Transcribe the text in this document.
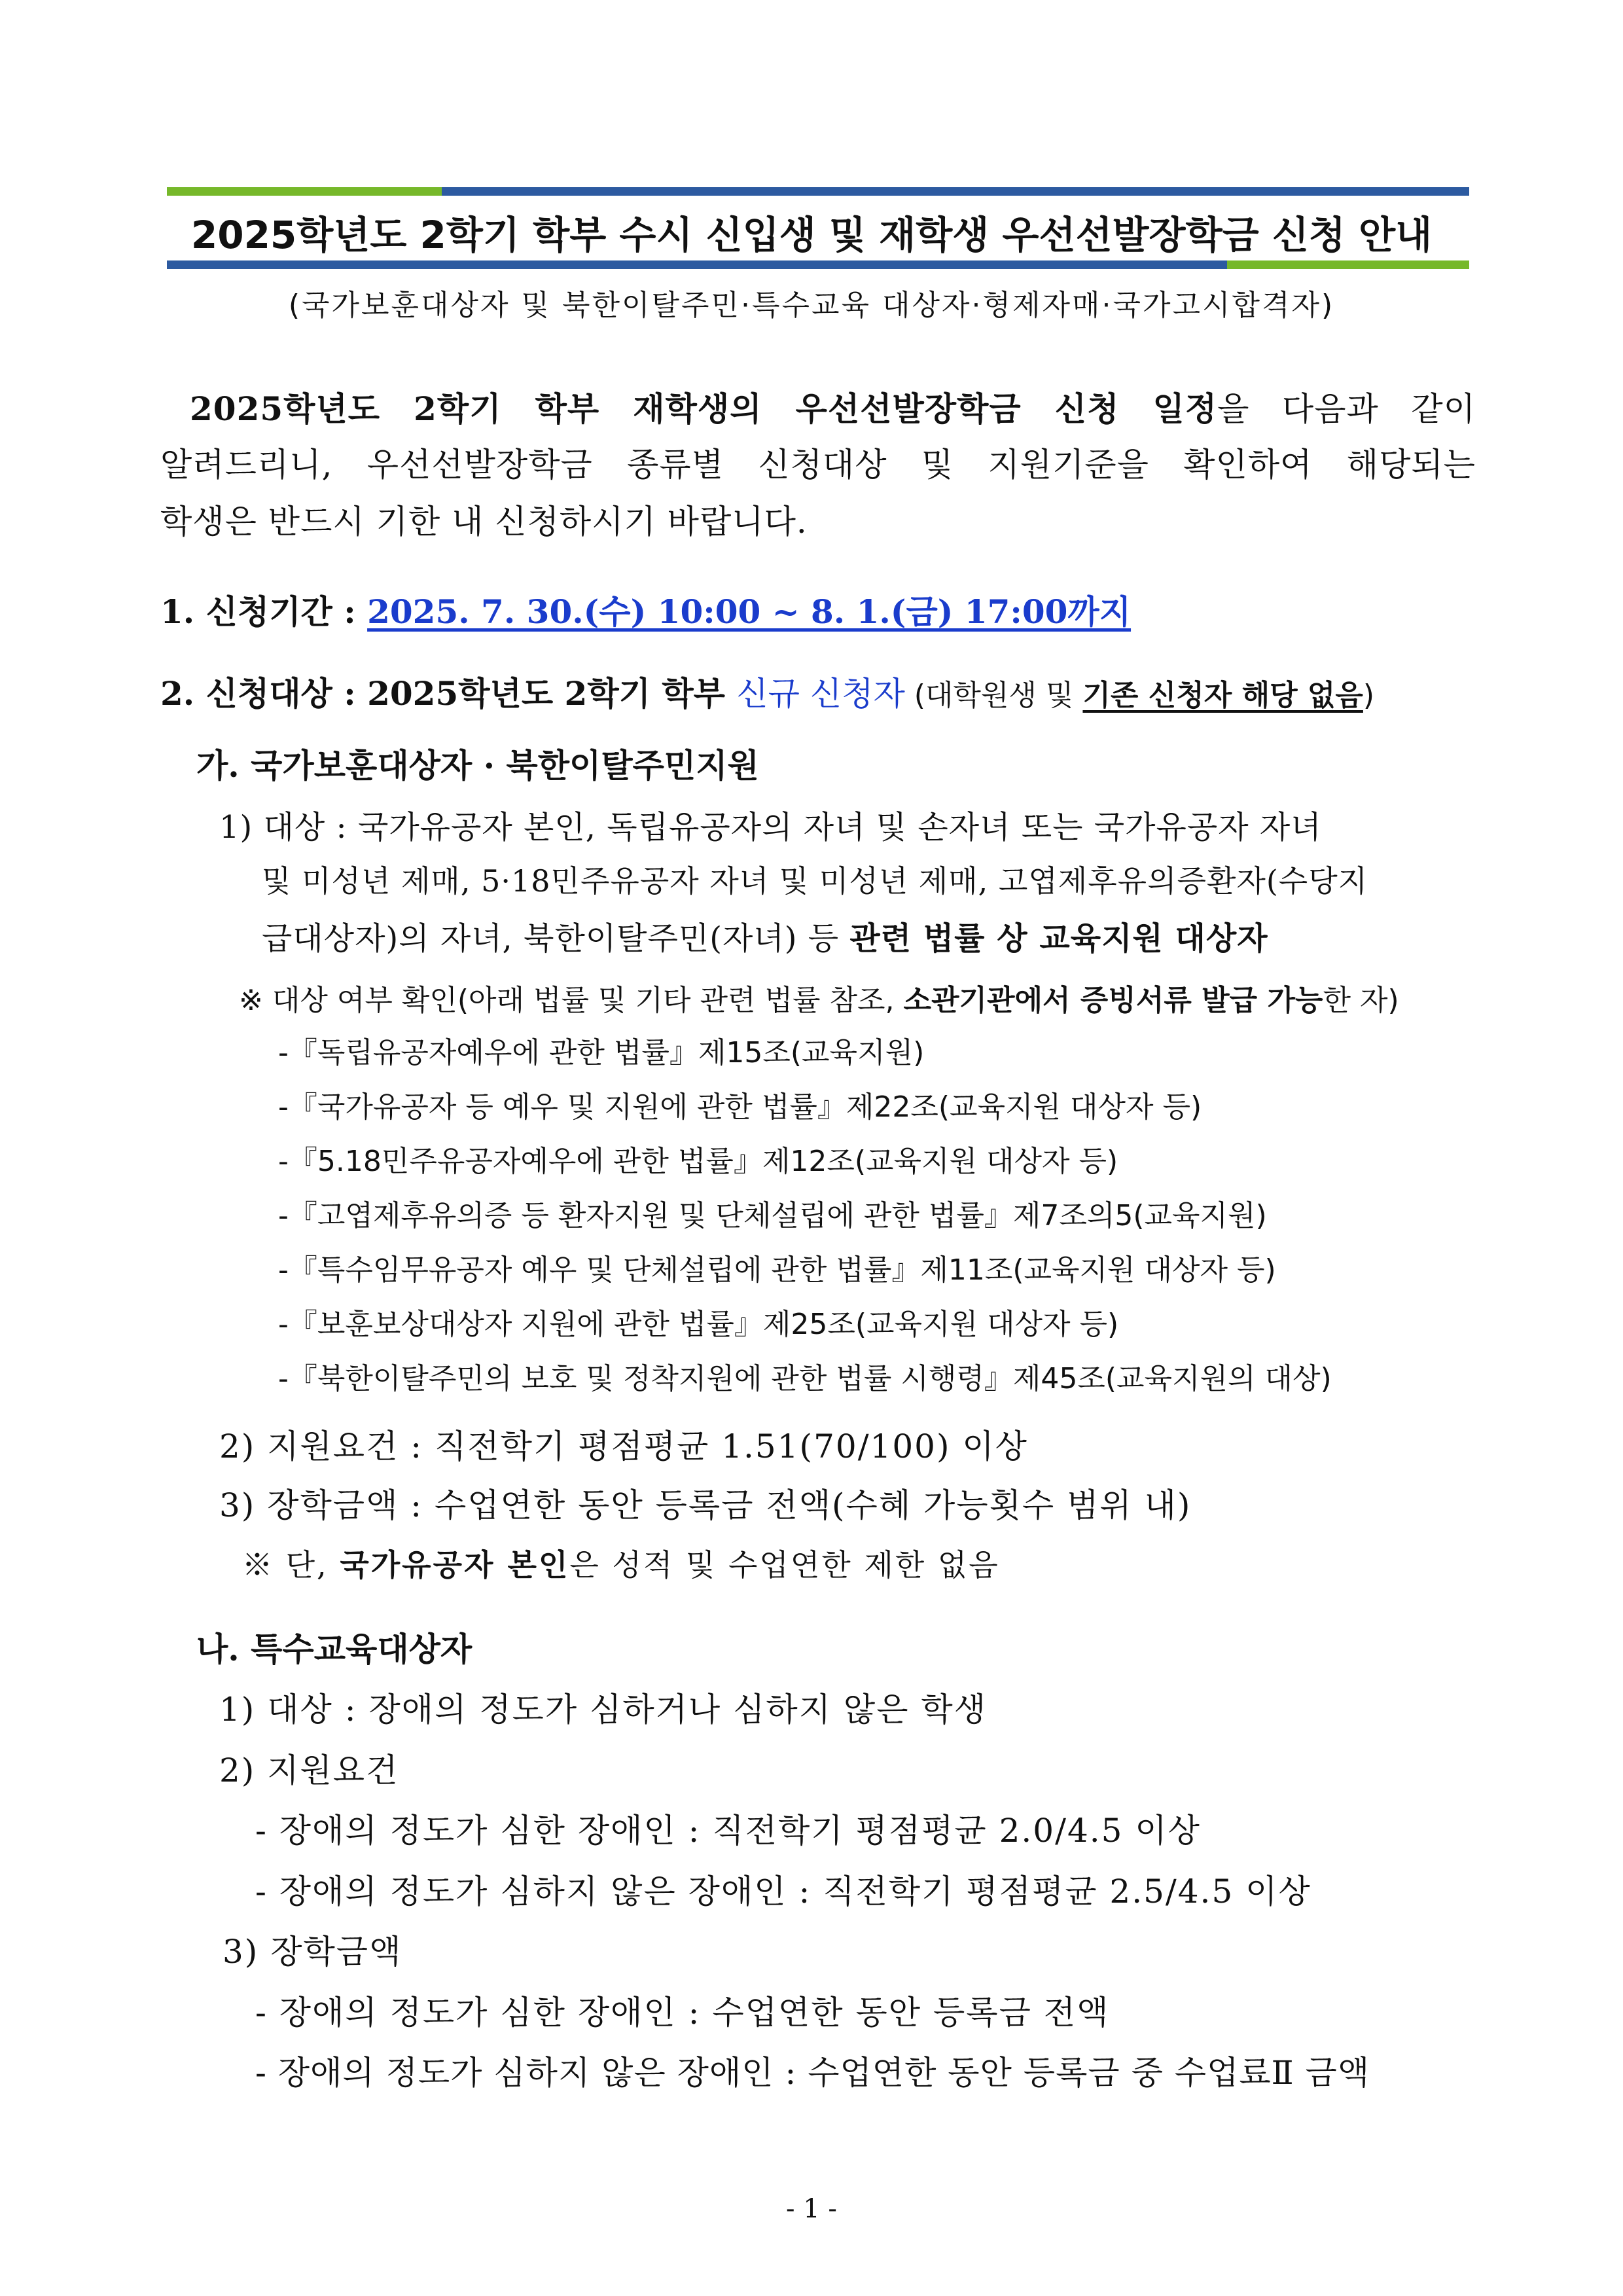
2025학년도 2학기 학부 수시 신입생 및 재학생 우선선발장학금 신청 안내
(국가보훈대상자 및 북한이탈주민·특수교육 대상자·형제자매·국가고시합격자)
2025학년도 2학기 학부 재학생의 우선선발장학금 신청 일정을 다음과 같이
알려드리니, 우선선발장학금 종류별 신청대상 및 지원기준을 확인하여 해당되는
학생은 반드시 기한 내 신청하시기 바랍니다.
1. 신청기간 : 2025. 7. 30.(수) 10:00 ~ 8. 1.(금) 17:00까지
2. 신청대상 : 2025학년도 2학기 학부 신규 신청자 (대학원생 및 기존 신청자 해당 없음)
가. 국가보훈대상자 · 북한이탈주민지원
1) 대상 : 국가유공자 본인, 독립유공자의 자녀 및 손자녀 또는 국가유공자 자녀
및 미성년 제매, 5·18민주유공자 자녀 및 미성년 제매, 고엽제후유의증환자(수당지
급대상자)의 자녀, 북한이탈주민(자녀) 등 관련 법률 상 교육지원 대상자
※ 대상 여부 확인(아래 법률 및 기타 관련 법률 참조, 소관기관에서 증빙서류 발급 가능한 자)
-『독립유공자예우에 관한 법률』제15조(교육지원)
-『국가유공자 등 예우 및 지원에 관한 법률』제22조(교육지원 대상자 등)
-『5.18민주유공자예우에 관한 법률』제12조(교육지원 대상자 등)
-『고엽제후유의증 등 환자지원 및 단체설립에 관한 법률』제7조의5(교육지원)
-『특수임무유공자 예우 및 단체설립에 관한 법률』제11조(교육지원 대상자 등)
-『보훈보상대상자 지원에 관한 법률』제25조(교육지원 대상자 등)
-『북한이탈주민의 보호 및 정착지원에 관한 법률 시행령』제45조(교육지원의 대상)
2) 지원요건 : 직전학기 평점평균 1.51(70/100) 이상
3) 장학금액 : 수업연한 동안 등록금 전액(수혜 가능횟수 범위 내)
※ 단, 국가유공자 본인은 성적 및 수업연한 제한 없음
나. 특수교육대상자
1) 대상 : 장애의 정도가 심하거나 심하지 않은 학생
2) 지원요건
- 장애의 정도가 심한 장애인 : 직전학기 평점평균 2.0/4.5 이상
- 장애의 정도가 심하지 않은 장애인 : 직전학기 평점평균 2.5/4.5 이상
3) 장학금액
- 장애의 정도가 심한 장애인 : 수업연한 동안 등록금 전액
- 장애의 정도가 심하지 않은 장애인 : 수업연한 동안 등록금 중 수업료Ⅱ 금액
- 1 -
